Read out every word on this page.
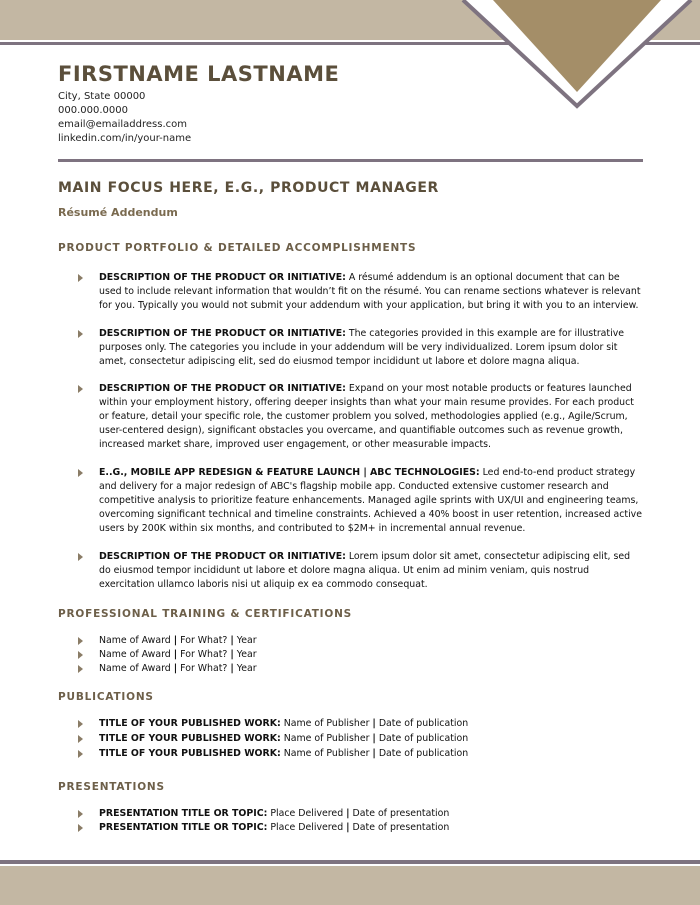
FIRSTNAME LASTNAME
City, State 00000
000.000.0000
email@emailaddress.com
linkedin.com/in/your-name
MAIN FOCUS HERE, E.G., PRODUCT MANAGER
Résumé Addendum
PRODUCT PORTFOLIO & DETAILED ACCOMPLISHMENTS
DESCRIPTION OF THE PRODUCT OR INITIATIVE: A résumé addendum is an optional document that can be used to include relevant information that wouldn’t fit on the résumé. You can rename sections whatever is relevant for you. Typically you would not submit your addendum with your application, but bring it with you to an interview.
DESCRIPTION OF THE PRODUCT OR INITIATIVE: The categories provided in this example are for illustrative purposes only. The categories you include in your addendum will be very individualized. Lorem ipsum dolor sit amet, consectetur adipiscing elit, sed do eiusmod tempor incididunt ut labore et dolore magna aliqua.
DESCRIPTION OF THE PRODUCT OR INITIATIVE: Expand on your most notable products or features launched within your employment history, offering deeper insights than what your main resume provides. For each product or feature, detail your specific role, the customer problem you solved, methodologies applied (e.g., Agile/Scrum, user-centered design), significant obstacles you overcame, and quantifiable outcomes such as revenue growth, increased market share, improved user engagement, or other measurable impacts.
E..G., MOBILE APP REDESIGN & FEATURE LAUNCH | ABC TECHNOLOGIES: Led end-to-end product strategy and delivery for a major redesign of ABC's flagship mobile app. Conducted extensive customer research and competitive analysis to prioritize feature enhancements. Managed agile sprints with UX/UI and engineering teams, overcoming significant technical and timeline constraints. Achieved a 40% boost in user retention, increased active users by 200K within six months, and contributed to $2M+ in incremental annual revenue.
DESCRIPTION OF THE PRODUCT OR INITIATIVE: Lorem ipsum dolor sit amet, consectetur adipiscing elit, sed do eiusmod tempor incididunt ut labore et dolore magna aliqua. Ut enim ad minim veniam, quis nostrud exercitation ullamco laboris nisi ut aliquip ex ea commodo consequat.
PROFESSIONAL TRAINING & CERTIFICATIONS
Name of Award | For What? | Year
Name of Award | For What? | Year
Name of Award | For What? | Year
PUBLICATIONS
TITLE OF YOUR PUBLISHED WORK: Name of Publisher | Date of publication
TITLE OF YOUR PUBLISHED WORK: Name of Publisher | Date of publication
TITLE OF YOUR PUBLISHED WORK: Name of Publisher | Date of publication
PRESENTATIONS
PRESENTATION TITLE OR TOPIC: Place Delivered | Date of presentation
PRESENTATION TITLE OR TOPIC: Place Delivered | Date of presentation
